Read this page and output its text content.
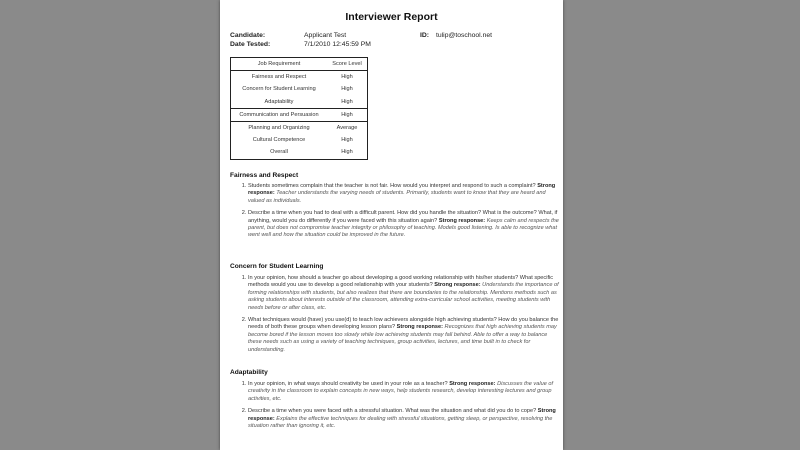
Interviewer Report
Candidate:	Applicant Test	ID: tulip@toschool.net
Date Tested:	7/1/2010 12:45:59 PM
Job Requirement	Score Level
Fairness and Respect	High
Concern for Student Learning	High
Adaptability	High
Communication and Persuasion	High
Planning and Organizing	Average
Cultural Competence	High
Overall	High
Fairness and Respect
1. Students sometimes complain that the teacher is not fair. How would you interpret and respond to such a complaint? Strong response: Teacher understands the varying needs of students. Primarily, students want to know that they are heard and valued as individuals.
2. Describe a time when you had to deal with a difficult parent. How did you handle the situation? What is the outcome? What, if anything, would you do differently if you were faced with this situation again? Strong response: Keeps calm and respects the parent, but does not compromise teacher integrity or philosophy of teaching. Models good listening. Is able to recognize what went well and how the situation could be improved in the future.
Concern for Student Learning
1. In your opinion, how should a teacher go about developing a good working relationship with his/her students? What specific methods would you use to develop a good relationship with your students? Strong response: Understands the importance of forming relationships with students, but also realizes that there are boundaries to the relationship. Mentions methods such as asking students about interests outside of the classroom, attending extra-curricular school activities, meeting students with needs before or after class, etc.
2. What techniques would (have) you use(d) to teach low achievers alongside high achieving students? How do you balance the needs of both these groups when developing lesson plans? Strong response: Recognizes that high achieving students may become bored if the lesson moves too slowly while low achieving students may fall behind. Able to offer a way to balance these needs such as using a variety of teaching techniques, group activities, lectures, and time built in to check for understanding.
Adaptability
1. In your opinion, in what ways should creativity be used in your role as a teacher? Strong response: Discusses the value of creativity in the classroom to explain concepts in new ways, help students research, develop interesting lectures and group activities, etc.
2. Describe a time when you were faced with a stressful situation. What was the situation and what did you do to cope? Strong response: Explains the effective techniques for dealing with stressful situations, getting sleep, or perspective, resolving the situation rather than ignoring it, etc.
